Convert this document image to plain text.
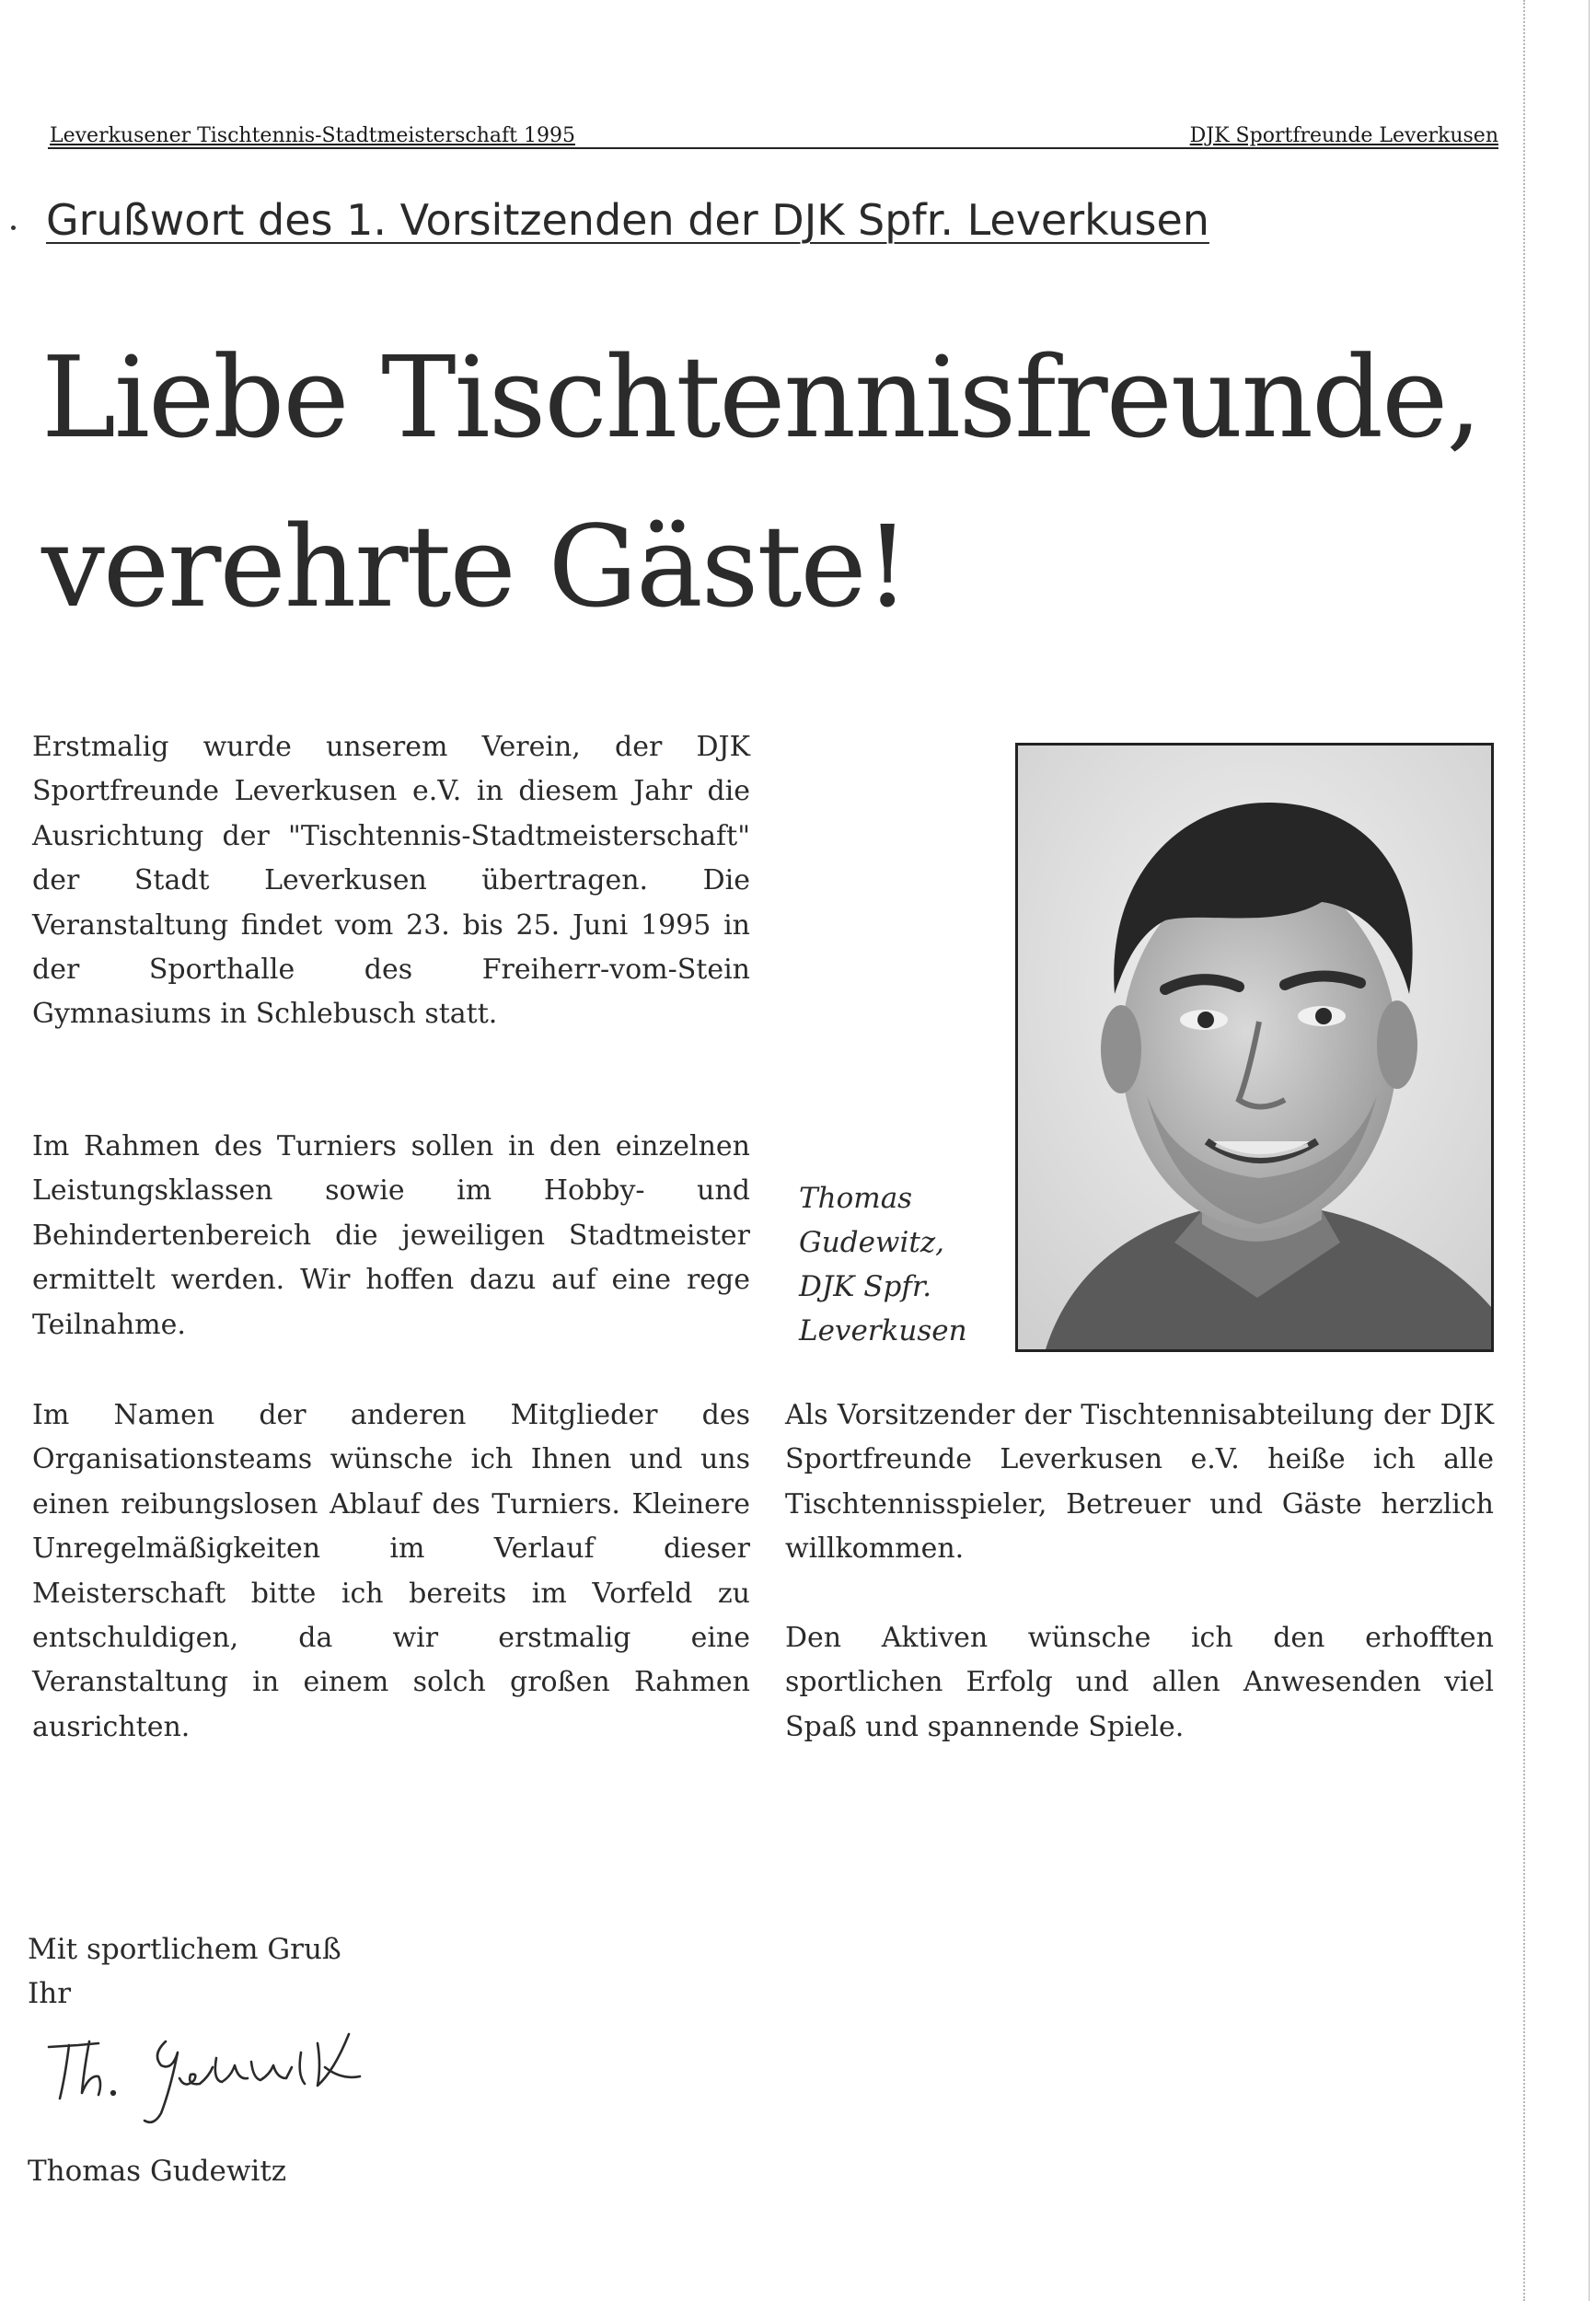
Leverkusener Tischtennis-Stadtmeisterschaft 1995	DJK Sportfreunde Leverkusen
Grußwort des 1. Vorsitzenden der DJK Spfr. Leverkusen
Liebe Tischtennisfreunde,
verehrte Gäste!

Erstmalig wurde unserem Verein, der DJK Sportfreunde Leverkusen e.V. in diesem Jahr die Ausrichtung der "Tischtennis-Stadtmeisterschaft" der Stadt Leverkusen übertragen. Die Veranstaltung findet vom 23. bis 25. Juni 1995 in der Sporthalle des Freiherr-vom-Stein Gymnasiums in Schlebusch statt.

Im Rahmen des Turniers sollen in den einzelnen Leistungsklassen sowie im Hobby- und Behindertenbereich die jeweiligen Stadtmeister ermittelt werden. Wir hoffen dazu auf eine rege Teilnahme.

Im Namen der anderen Mitglieder des Organisationsteams wünsche ich Ihnen und uns einen reibungslosen Ablauf des Turniers. Kleinere Unregelmäßigkeiten im Verlauf dieser Meisterschaft bitte ich bereits im Vorfeld zu entschuldigen, da wir erstmalig eine Veranstaltung in einem solch großen Rahmen ausrichten.

Thomas
Gudewitz,
DJK Spfr.
Leverkusen

Als Vorsitzender der Tischtennisabteilung der DJK Sportfreunde Leverkusen e.V. heiße ich alle Tischtennisspieler, Betreuer und Gäste herzlich willkommen.

Den Aktiven wünsche ich den erhofften sportlichen Erfolg und allen Anwesenden viel Spaß und spannende Spiele.

Mit sportlichem Gruß
Ihr
Thomas Gudewitz
